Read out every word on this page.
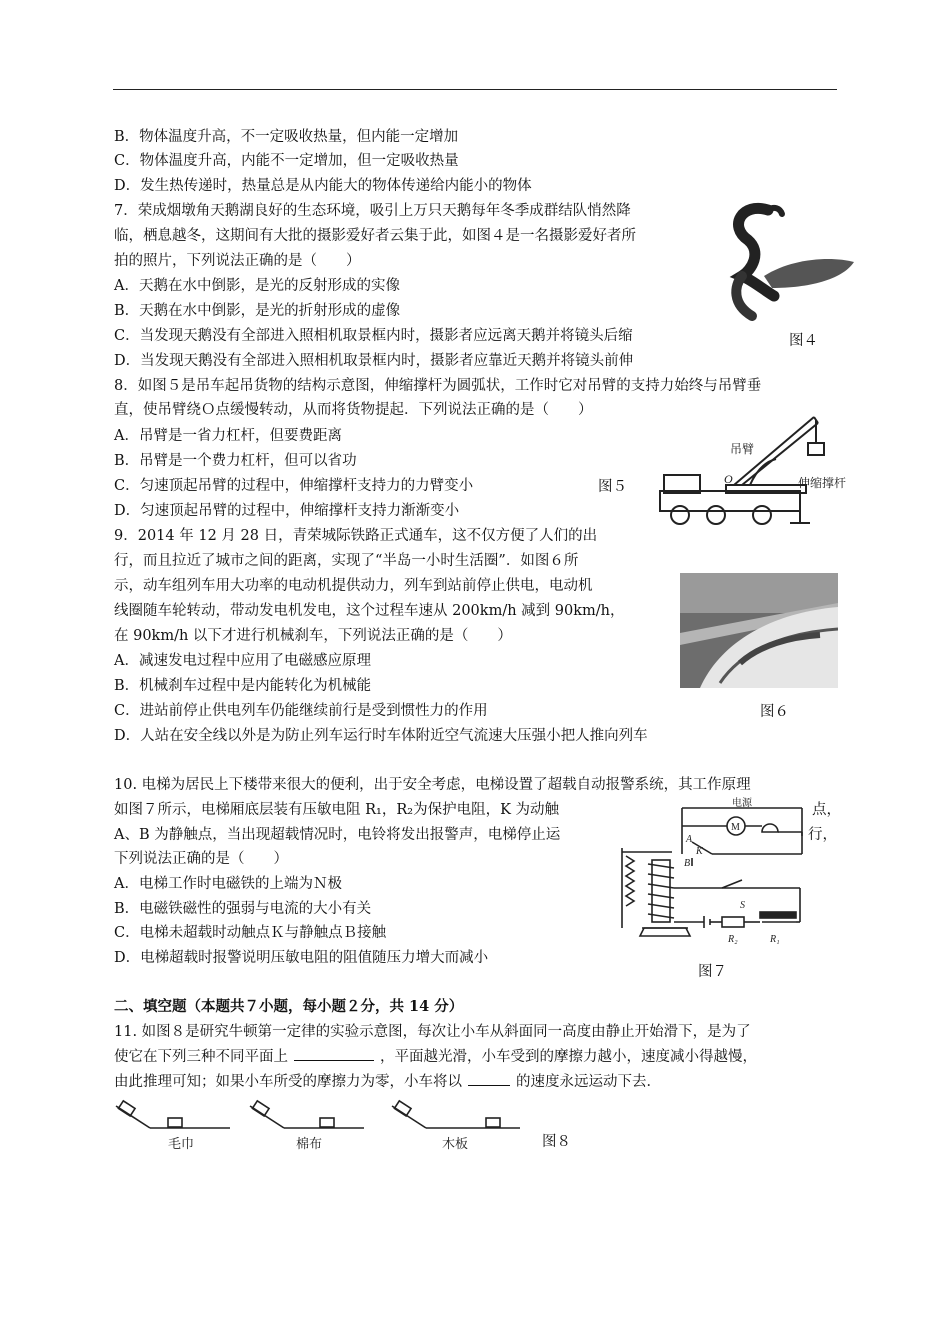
B．物体温度升高，不一定吸收热量，但内能一定增加
C．物体温度升高，内能不一定增加，但一定吸收热量
D．发生热传递时，热量总是从内能大的物体传递给内能小的物体
7．荣成烟墩角天鹅湖良好的生态环境，吸引上万只天鹅每年冬季成群结队悄然降
临，栖息越冬，这期间有大批的摄影爱好者云集于此，如图４是一名摄影爱好者所
拍的照片，下列说法正确的是（　　）
A．天鹅在水中倒影，是光的反射形成的实像
B．天鹅在水中倒影，是光的折射形成的虚像
C．当发现天鹅没有全部进入照相机取景框内时，摄影者应远离天鹅并将镜头后缩
D．当发现天鹅没有全部进入照相机取景框内时，摄影者应靠近天鹅并将镜头前伸
图４
8．如图５是吊车起吊货物的结构示意图，伸缩撑杆为圆弧状，工作时它对吊臂的支持力始终与吊臂垂
直，使吊臂绕Ｏ点缓慢转动，从而将货物提起．下列说法正确的是（　　）
A．吊臂是一省力杠杆，但要费距离
B．吊臂是一个费力杠杆，但可以省功
C．匀速顶起吊臂的过程中，伸缩撑杆支持力的力臂变小
D．匀速顶起吊臂的过程中，伸缩撑杆支持力渐渐变小
图５
吊臂
伸缩撑杆
O
9．2014 年 12 月 28 日，青荣城际铁路正式通车，这不仅方便了人们的出
行，而且拉近了城市之间的距离，实现了“半岛一小时生活圈”．如图６所
示，动车组列车用大功率的电动机提供动力，列车到站前停止供电，电动机
线圈随车轮转动，带动发电机发电，这个过程车速从 200km/h 减到 90km/h，
在 90km/h 以下才进行机械刹车，下列说法正确的是（　　）
A．减速发电过程中应用了电磁感应原理
B．机械刹车过程中是内能转化为机械能
C．进站前停止供电列车仍能继续前行是受到惯性力的作用
D．人站在安全线以外是为防止列车运行时车体附近空气流速大压强小把人推向列车
图６
10. 电梯为居民上下楼带来很大的便利，出于安全考虑，电梯设置了超载自动报警系统，其工作原理
如图７所示，电梯厢底层装有压敏电阻 R₁，R₂为保护电阻，K 为动触	点，
A、B 为静触点，当出现超载情况时，电铃将发出报警声，电梯停止运	行，
下列说法正确的是（　　）
A．电梯工作时电磁铁的上端为Ｎ极
B．电磁铁磁性的强弱与电流的大小有关
C．电梯未超载时动触点Ｋ与静触点Ｂ接触
D．电梯超载时报警说明压敏电阻的阻值随压力增大而减小
电源
M
A
K
B
S
R₂	R₁
图７
二、填空题（本题共７小题，每小题２分，共 14 分）
11. 如图８是研究牛顿第一定律的实验示意图，每次让小车从斜面同一高度由静止开始滑下，是为了
使它在下列三种不同平面上	，平面越光滑，小车受到的摩擦力越小，速度减小得越慢，
由此推理可知；如果小车所受的摩擦力为零，小车将以	的速度永远运动下去．
毛巾	棉布	木板	图８
